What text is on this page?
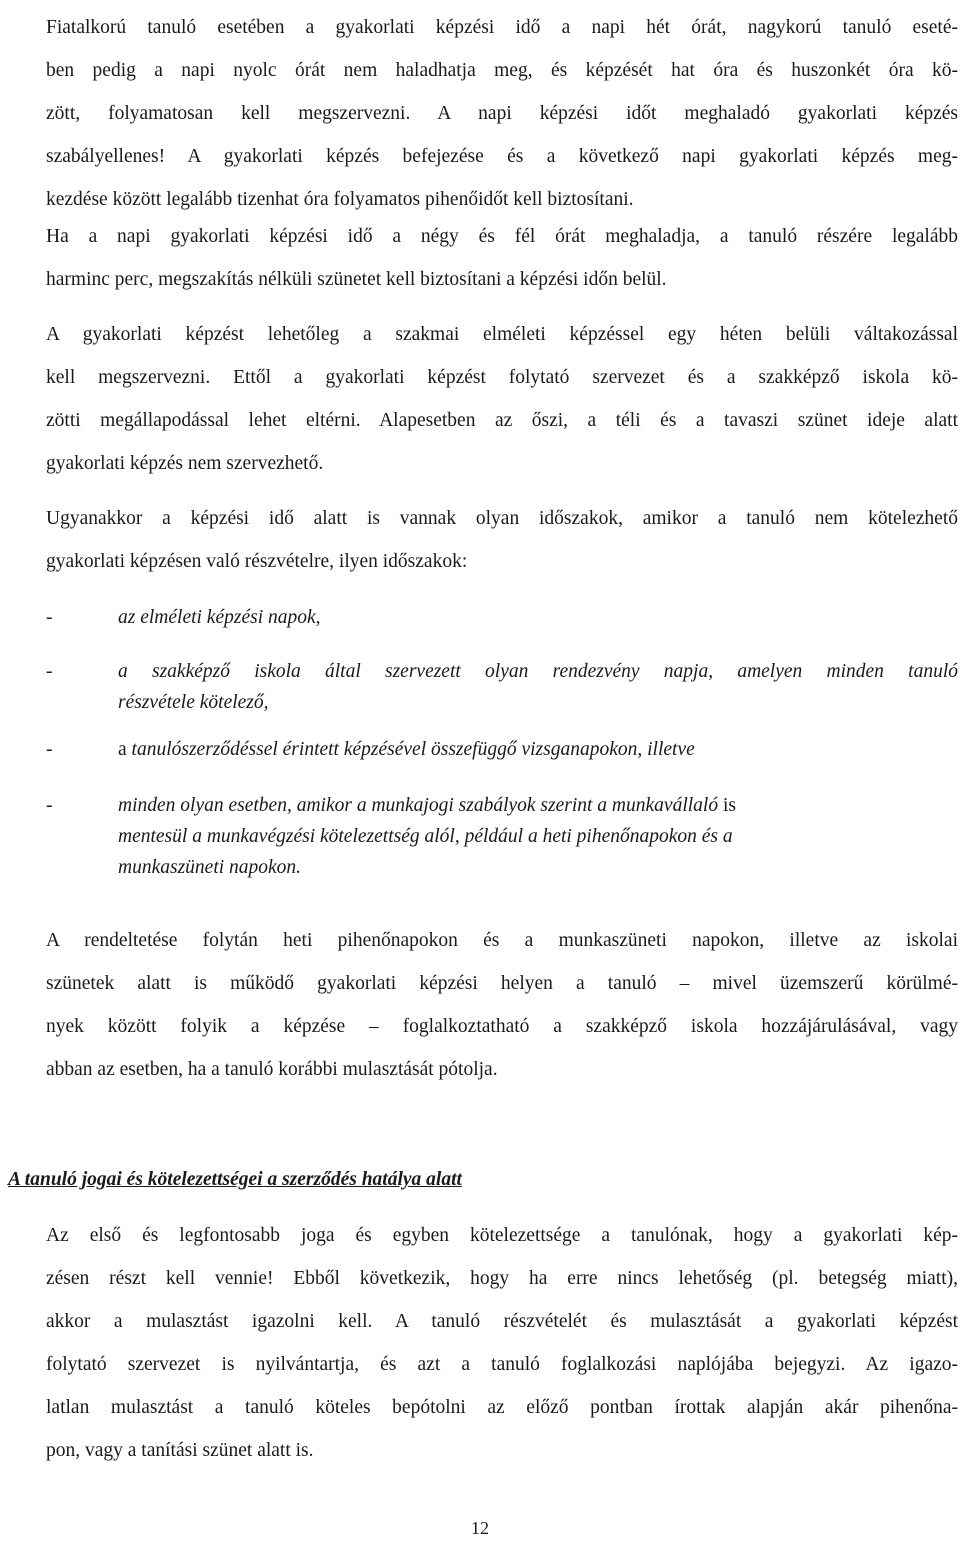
Fiatalkorú tanuló esetében a gyakorlati képzési idő a napi hét órát, nagykorú tanuló eseté-
ben pedig a napi nyolc órát nem haladhatja meg, és képzését hat óra és huszonkét óra kö-
zött, folyamatosan kell megszervezni. A napi képzési időt meghaladó gyakorlati képzés
szabályellenes! A gyakorlati képzés befejezése és a következő napi gyakorlati képzés meg-
kezdése között legalább tizenhat óra folyamatos pihenőidőt kell biztosítani.
Ha a napi gyakorlati képzési idő a négy és fél órát meghaladja, a tanuló részére legalább
harminc perc, megszakítás nélküli szünetet kell biztosítani a képzési időn belül.
A gyakorlati képzést lehetőleg a szakmai elméleti képzéssel egy héten belüli váltakozással
kell megszervezni. Ettől a gyakorlati képzést folytató szervezet és a szakképző iskola kö-
zötti megállapodással lehet eltérni. Alapesetben az őszi, a téli és a tavaszi szünet ideje alatt
gyakorlati képzés nem szervezhető.
Ugyanakkor a képzési idő alatt is vannak olyan időszakok, amikor a tanuló nem kötelezhető
gyakorlati képzésen való részvételre, ilyen időszakok:
-	az elméleti képzési napok,
-	a szakképző iskola által szervezett olyan rendezvény napja, amelyen minden tanuló
részvétele kötelező,
-	a tanulószerződéssel érintett képzésével összefüggő vizsganapokon, illetve
-	minden olyan esetben, amikor a munkajogi szabályok szerint a munkavállaló is
mentesül a munkavégzési kötelezettség alól, például a heti pihenőnapokon és a
munkaszüneti napokon.
A rendeltetése folytán heti pihenőnapokon és a munkaszüneti napokon, illetve az iskolai
szünetek alatt is működő gyakorlati képzési helyen a tanuló – mivel üzemszerű körülmé-
nyek között folyik a képzése – foglalkoztatható a szakképző iskola hozzájárulásával, vagy
abban az esetben, ha a tanuló korábbi mulasztását pótolja.

A tanuló jogai és kötelezettségei a szerződés hatálya alatt

Az első és legfontosabb joga és egyben kötelezettsége a tanulónak, hogy a gyakorlati kép-
zésen részt kell vennie! Ebből következik, hogy ha erre nincs lehetőség (pl. betegség miatt),
akkor a mulasztást igazolni kell. A tanuló részvételét és mulasztását a gyakorlati képzést
folytató szervezet is nyilvántartja, és azt a tanuló foglalkozási naplójába bejegyzi. Az igazo-
latlan mulasztást a tanuló köteles bepótolni az előző pontban írottak alapján akár pihenőna-
pon, vagy a tanítási szünet alatt is.
12
